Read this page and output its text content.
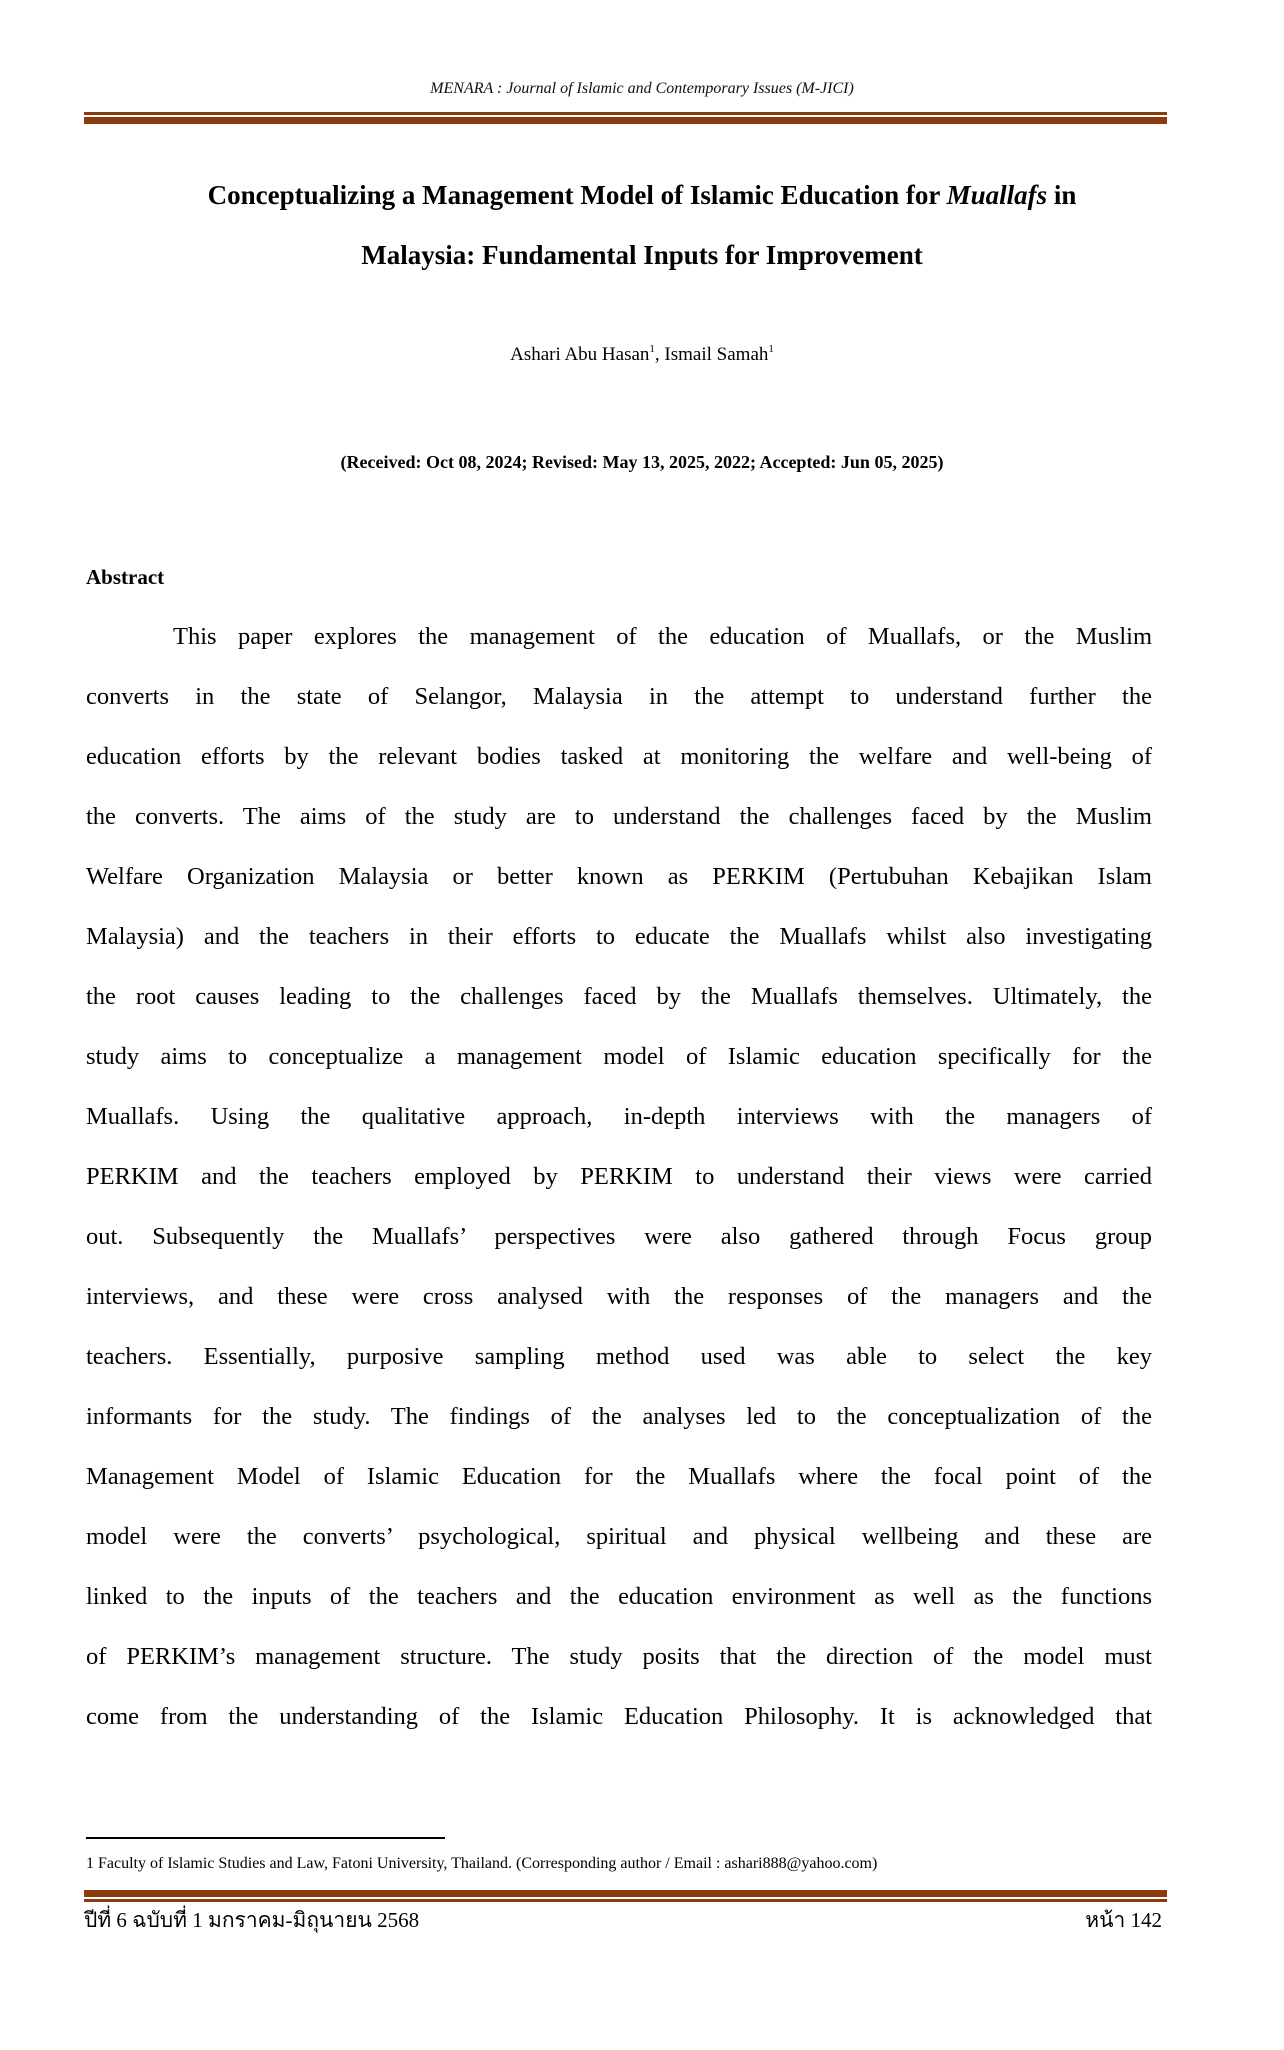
MENARA : Journal of Islamic and Contemporary Issues (M-JICI)
Conceptualizing a Management Model of Islamic Education for Muallafs in
Malaysia: Fundamental Inputs for Improvement
Ashari Abu Hasan$^1$, Ismail Samah$^1$
(Received: Oct 08, 2024; Revised: May 13, 2025, 2022; Accepted: Jun 05, 2025)
Abstract
This paper explores the management of the education of Muallafs, or the Muslim
converts in the state of Selangor, Malaysia in the attempt to understand further the
education efforts by the relevant bodies tasked at monitoring the welfare and well-being of
the converts. The aims of the study are to understand the challenges faced by the Muslim
Welfare Organization Malaysia or better known as PERKIM (Pertubuhan Kebajikan Islam
Malaysia) and the teachers in their efforts to educate the Muallafs whilst also investigating
the root causes leading to the challenges faced by the Muallafs themselves. Ultimately, the
study aims to conceptualize a management model of Islamic education specifically for the
Muallafs. Using the qualitative approach, in-depth interviews with the managers of
PERKIM and the teachers employed by PERKIM to understand their views were carried
out. Subsequently the Muallafs’ perspectives were also gathered through Focus group
interviews, and these were cross analysed with the responses of the managers and the
teachers. Essentially, purposive sampling method used was able to select the key
informants for the study. The findings of the analyses led to the conceptualization of the
Management Model of Islamic Education for the Muallafs where the focal point of the
model were the converts’ psychological, spiritual and physical wellbeing and these are
linked to the inputs of the teachers and the education environment as well as the functions
of PERKIM’s management structure. The study posits that the direction of the model must
come from the understanding of the Islamic Education Philosophy. It is acknowledged that
1 Faculty of Islamic Studies and Law, Fatoni University, Thailand. (Corresponding author / Email : ashari888@yahoo.com)
ปีที่ 6 ฉบับที่ 1 มกราคม-มิถุนายน 2568	หน้า 142
